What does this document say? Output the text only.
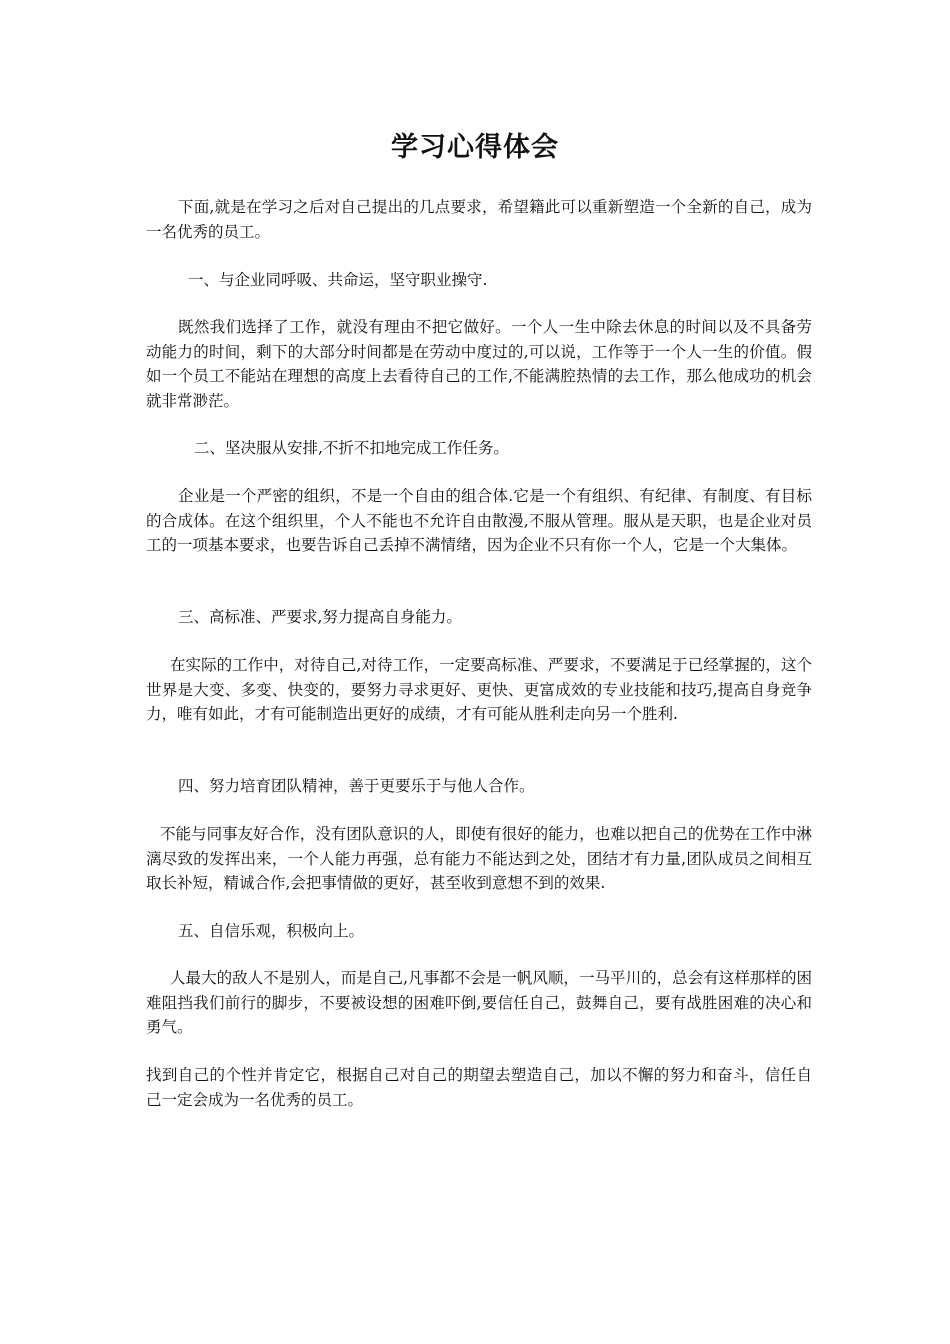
学习心得体会

下面,就是在学习之后对自己提出的几点要求，希望籍此可以重新塑造一个全新的自己，成为一名优秀的员工。

一、与企业同呼吸、共命运，坚守职业操守.

既然我们选择了工作，就没有理由不把它做好。一个人一生中除去休息的时间以及不具备劳动能力的时间，剩下的大部分时间都是在劳动中度过的,可以说，工作等于一个人一生的价值。假如一个员工不能站在理想的高度上去看待自己的工作,不能满腔热情的去工作，那么他成功的机会就非常渺茫。

二、坚决服从安排,不折不扣地完成工作任务。

企业是一个严密的组织，不是一个自由的组合体.它是一个有组织、有纪律、有制度、有目标的合成体。在这个组织里，个人不能也不允许自由散漫,不服从管理。服从是天职，也是企业对员工的一项基本要求，也要告诉自己丢掉不满情绪，因为企业不只有你一个人，它是一个大集体。

三、高标准、严要求,努力提高自身能力。

在实际的工作中，对待自己,对待工作，一定要高标准、严要求，不要满足于已经掌握的，这个世界是大变、多变、快变的，要努力寻求更好、更快、更富成效的专业技能和技巧,提高自身竞争力，唯有如此，才有可能制造出更好的成绩，才有可能从胜利走向另一个胜利.

四、努力培育团队精神，善于更要乐于与他人合作。

不能与同事友好合作，没有团队意识的人，即使有很好的能力，也难以把自己的优势在工作中淋漓尽致的发挥出来，一个人能力再强，总有能力不能达到之处，团结才有力量,团队成员之间相互取长补短，精诚合作,会把事情做的更好，甚至收到意想不到的效果.

五、自信乐观，积极向上。

人最大的敌人不是别人，而是自己,凡事都不会是一帆风顺，一马平川的，总会有这样那样的困难阻挡我们前行的脚步，不要被设想的困难吓倒,要信任自己，鼓舞自己，要有战胜困难的决心和勇气。

找到自己的个性并肯定它，根据自己对自己的期望去塑造自己，加以不懈的努力和奋斗，信任自己一定会成为一名优秀的员工。
